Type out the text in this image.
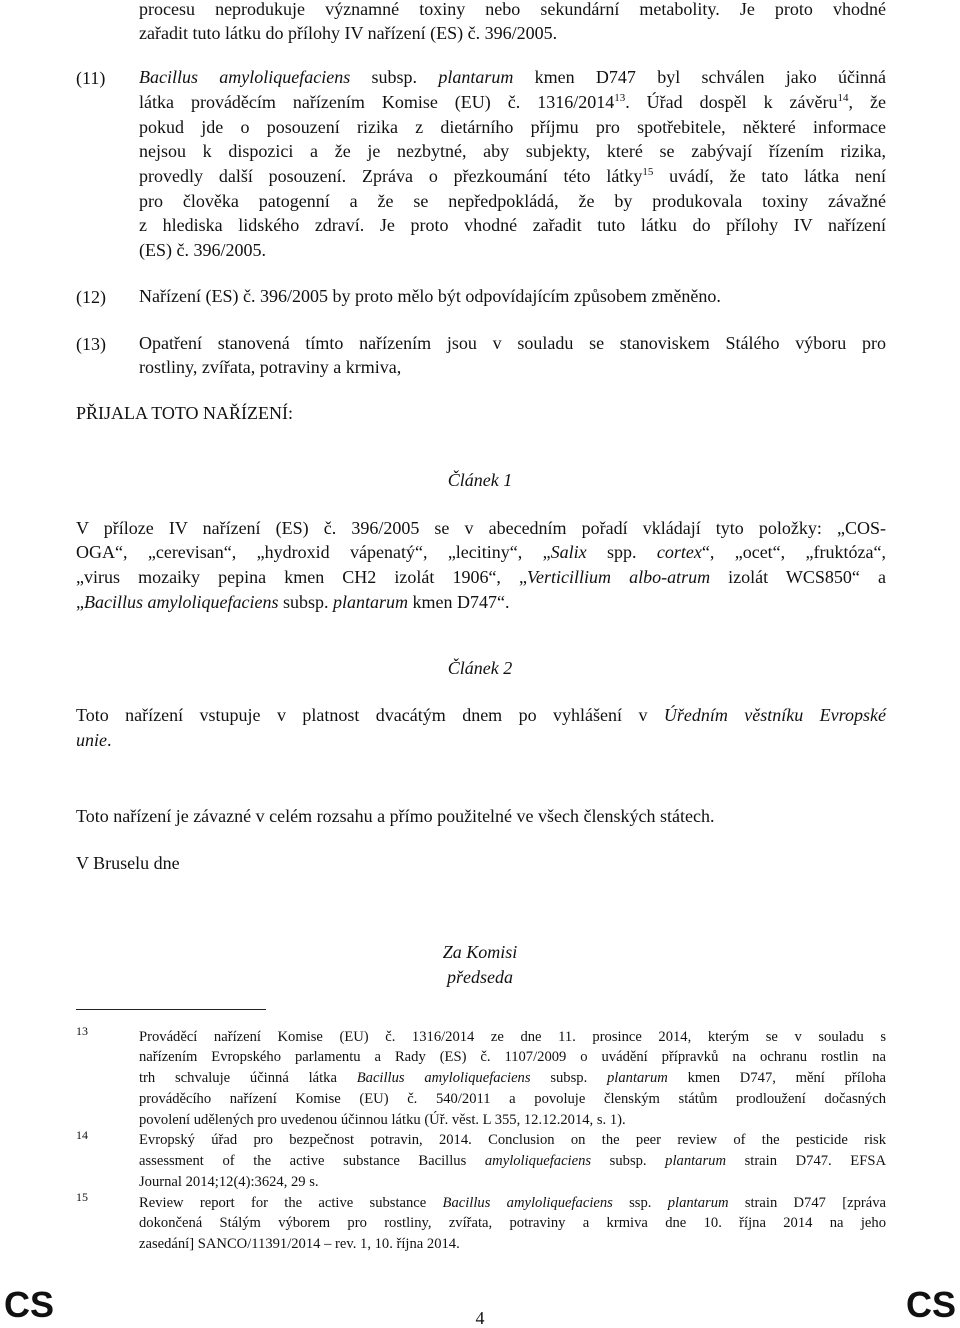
procesu neprodukuje významné toxiny nebo sekundární metabolity. Je proto vhodné
zařadit tuto látku do přílohy IV nařízení (ES) č. 396/2005.
(11) Bacillus amyloliquefaciens subsp. plantarum kmen D747 byl schválen jako účinná
látka prováděcím nařízením Komise (EU) č. 1316/2014$^{13}$. Úřad dospěl k závěru$^{14}$, že
pokud jde o posouzení rizika z dietárního příjmu pro spotřebitele, některé informace
nejsou k dispozici a že je nezbytné, aby subjekty, které se zabývají řízením rizika,
provedly další posouzení. Zpráva o přezkoumání této látky$^{15}$ uvádí, že tato látka není
pro člověka patogenní a že se nepředpokládá, že by produkovala toxiny závažné
z hlediska lidského zdraví. Je proto vhodné zařadit tuto látku do přílohy IV nařízení
(ES) č. 396/2005.
(12) Nařízení (ES) č. 396/2005 by proto mělo být odpovídajícím způsobem změněno.
(13) Opatření stanovená tímto nařízením jsou v souladu se stanoviskem Stálého výboru pro
rostliny, zvířata, potraviny a krmiva,
PŘIJALA TOTO NAŘÍZENÍ:
Článek 1
V příloze IV nařízení (ES) č. 396/2005 se v abecedním pořadí vkládají tyto položky: „COS-
OGA“, „cerevisan“, „hydroxid vápenatý“, „lecitiny“, „Salix spp. cortex“, „ocet“, „fruktóza“,
„virus mozaiky pepina kmen CH2 izolát 1906“, „Verticillium albo-atrum izolát WCS850“ a
„Bacillus amyloliquefaciens subsp. plantarum kmen D747“.
Článek 2
Toto nařízení vstupuje v platnost dvacátým dnem po vyhlášení v Úředním věstníku Evropské
unie.
Toto nařízení je závazné v celém rozsahu a přímo použitelné ve všech členských státech.
V Bruselu dne
Za Komisi
předseda
13	Prováděcí nařízení Komise (EU) č. 1316/2014 ze dne 11. prosince 2014, kterým se v souladu s
nařízením Evropského parlamentu a Rady (ES) č. 1107/2009 o uvádění přípravků na ochranu rostlin na
trh schvaluje účinná látka Bacillus amyloliquefaciens subsp. plantarum kmen D747, mění příloha
prováděcího nařízení Komise (EU) č. 540/2011 a povoluje členským státům prodloužení dočasných
povolení udělených pro uvedenou účinnou látku (Úř. věst. L 355, 12.12.2014, s. 1).
14	Evropský úřad pro bezpečnost potravin, 2014. Conclusion on the peer review of the pesticide risk
assessment of the active substance Bacillus amyloliquefaciens subsp. plantarum strain D747. EFSA
Journal 2014;12(4):3624, 29 s.
15	Review report for the active substance Bacillus amyloliquefaciens ssp. plantarum strain D747 [zpráva
dokončená Stálým výborem pro rostliny, zvířata, potraviny a krmiva dne 10. října 2014 na jeho
zasedání] SANCO/11391/2014 – rev. 1, 10. října 2014.
CS	4	CS
